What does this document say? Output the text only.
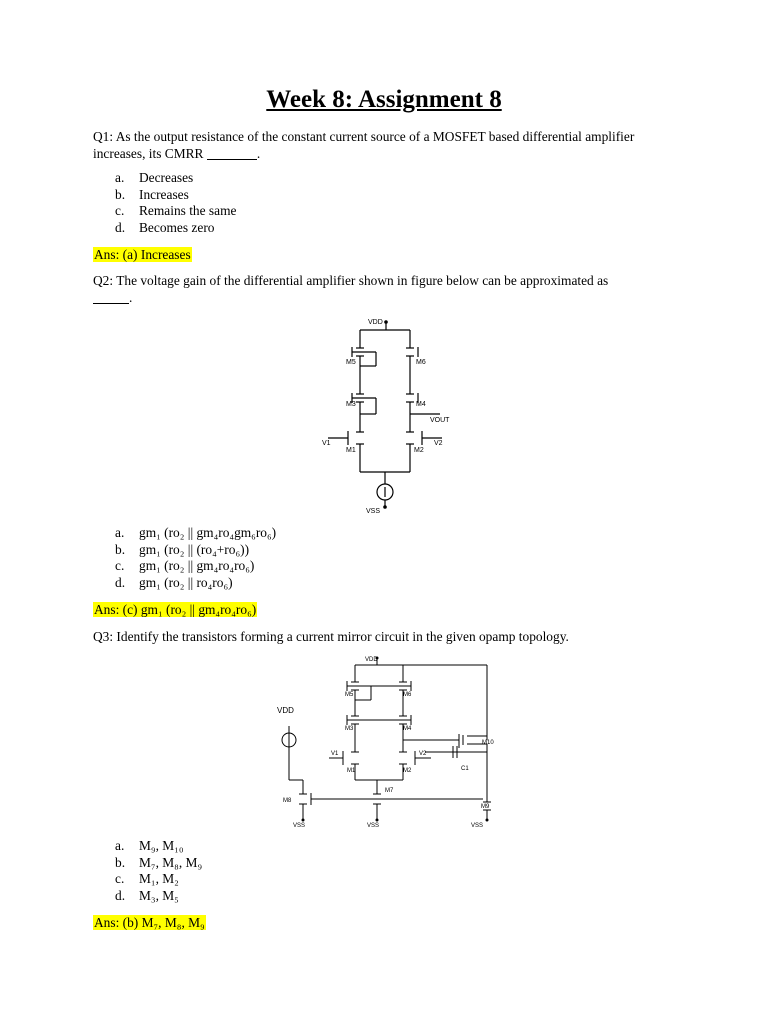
Week 8: Assignment 8
Q1: As the output resistance of the constant current source of a MOSFET based differential amplifier increases, its CMRR	.
a.	Decreases
b.	Increases
c.	Remains the same
d.	Becomes zero
Ans: (a) Increases
Q2: The voltage gain of the differential amplifier shown in figure below can be approximated as
.
VDD
VSS
M5	M6
M3	M4
M1	M2
V1	V2
VOUT
a.	gm₁ (ro₂ || gm₄ro₄gm₆ro₆)
b.	gm₁ (ro₂ || (ro₄+ro₆))
c.	gm₁ (ro₂ || gm₄ro₄ro₆)
d.	gm₁ (ro₂ || ro₄ro₆)
Ans: (c) gm₁ (ro₂ || gm₄ro₄ro₆)
Q3: Identify the transistors forming a current mirror circuit in the given opamp topology.
VDD
VDD
VSS	VSS	VSS
M5	M6
M3	M4
M1	M2
M7
M8
M9
M10
V1	V2
C1
a.	M₉, M₁₀
b.	M₇, M₈, M₉
c.	M₁, M₂
d.	M₃, M₅
Ans: (b) M₇, M₈, M₉
